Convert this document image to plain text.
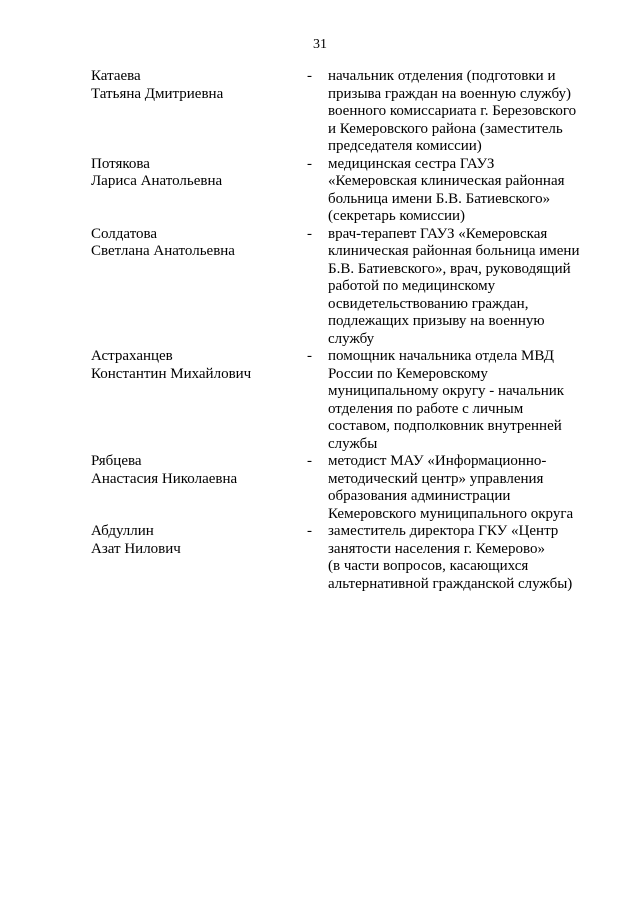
31
Катаева
Татьяна Дмитриевна
- начальник отделения (подготовки и
призыва граждан на военную службу)
военного комиссариата г. Березовского
и Кемеровского района (заместитель
председателя комиссии)
Потякова
Лариса Анатольевна
- медицинская сестра ГАУЗ
«Кемеровская клиническая районная
больница имени Б.В. Батиевского»
(секретарь комиссии)
Солдатова
Светлана Анатольевна
- врач-терапевт ГАУЗ «Кемеровская
клиническая районная больница имени
Б.В. Батиевского», врач, руководящий
работой по медицинскому
освидетельствованию граждан,
подлежащих призыву на военную
службу
Астраханцев
Константин Михайлович
- помощник начальника отдела МВД
России по Кемеровскому
муниципальному округу - начальник
отделения по работе с личным
составом, подполковник внутренней
службы
Рябцева
Анастасия Николаевна
- методист МАУ «Информационно-
методический центр» управления
образования администрации
Кемеровского муниципального округа
Абдуллин
Азат Нилович
- заместитель директора ГКУ «Центр
занятости населения г. Кемерово»
(в части вопросов, касающихся
альтернативной гражданской службы)
